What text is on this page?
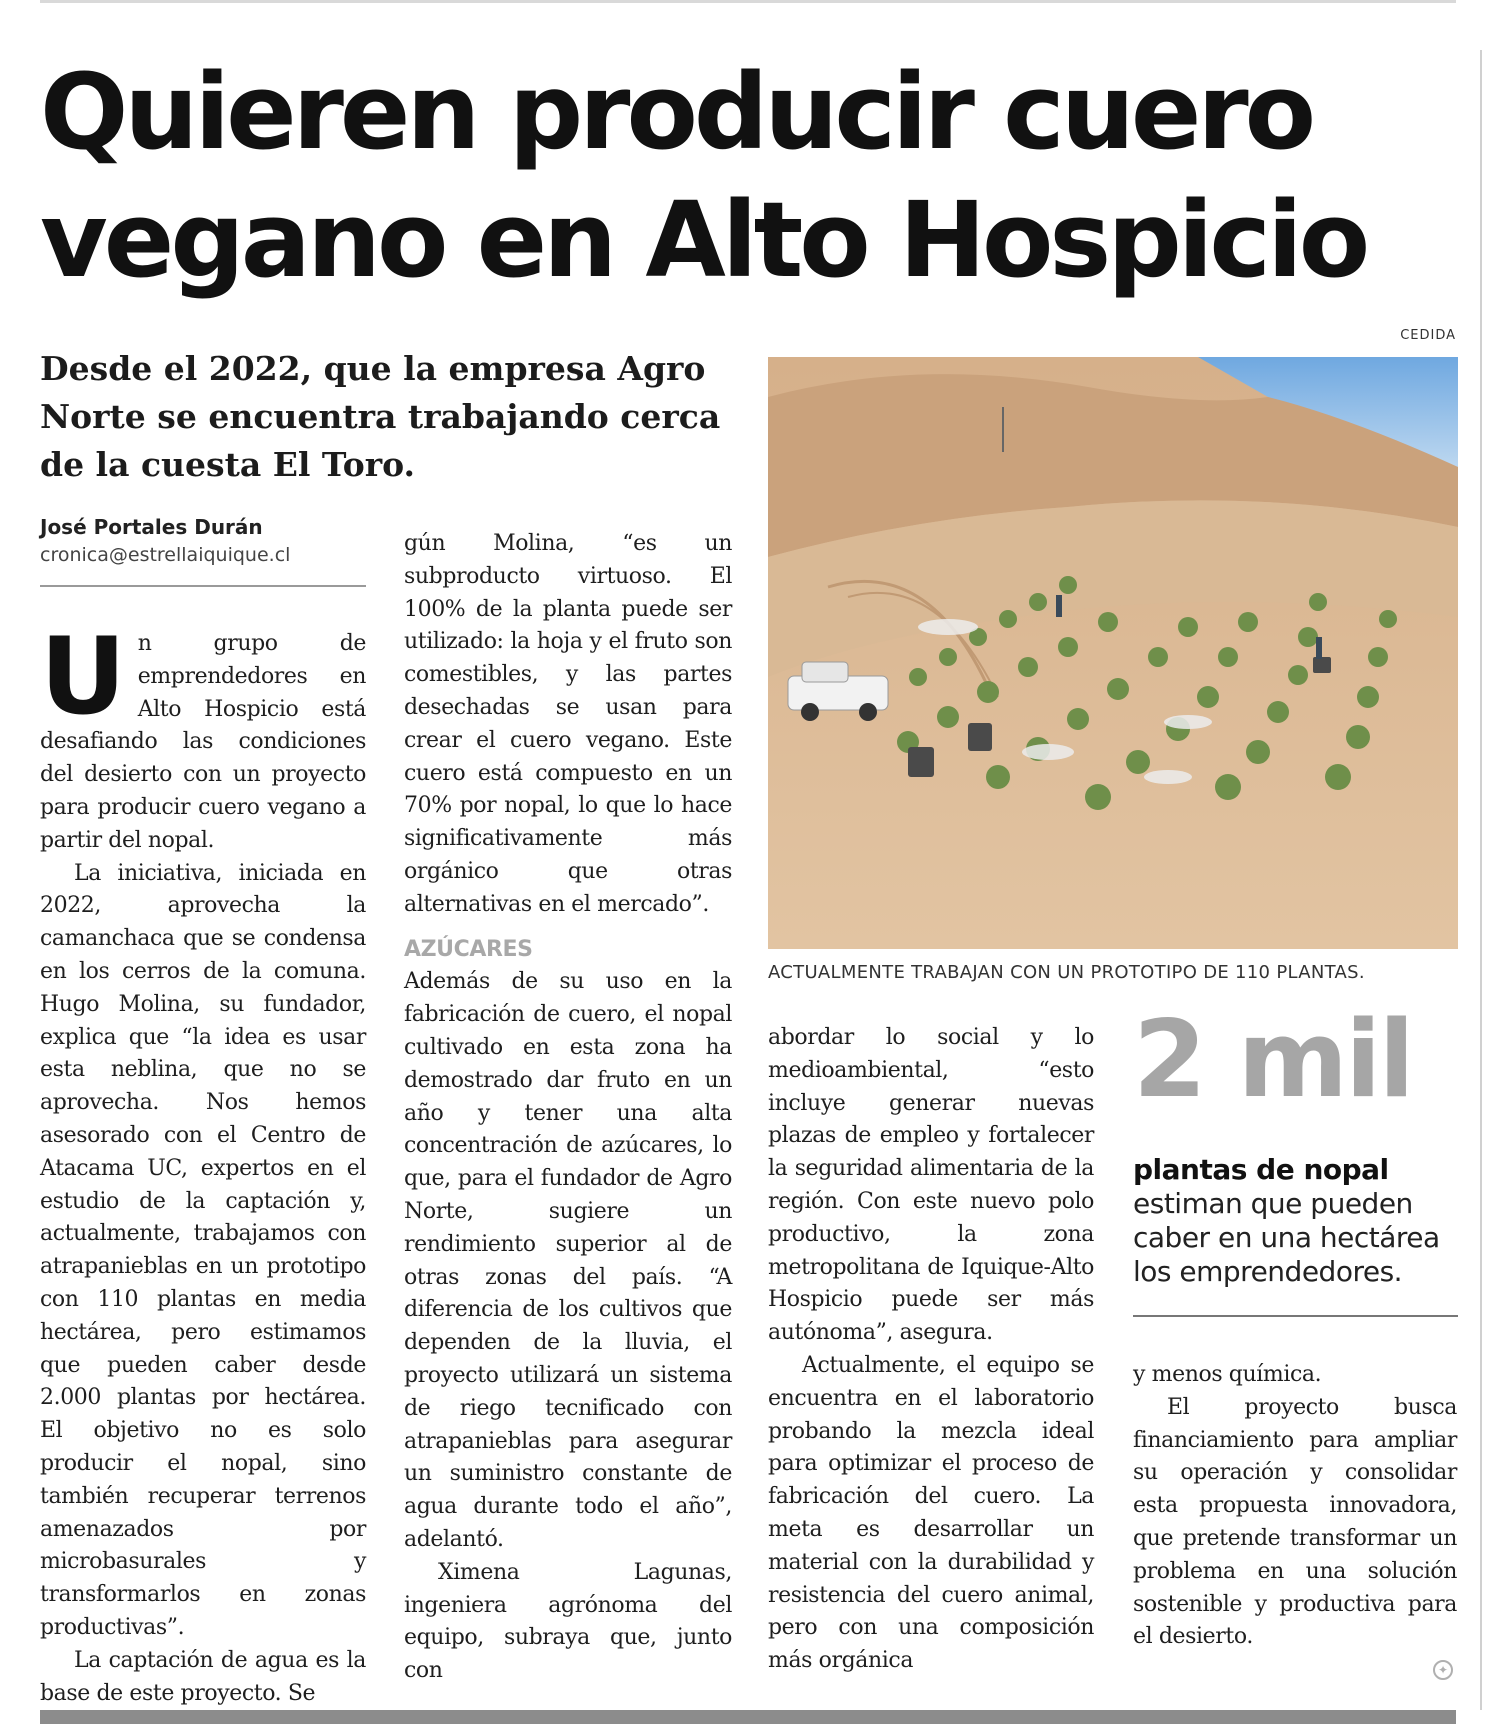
Quieren producir cuero vegano en Alto Hospicio
Desde el 2022, que la empresa Agro Norte se encuentra trabajando cerca de la cuesta El Toro.
José Portales Durán
cronica@estrellaiquique.cl

Un grupo de emprendedores en Alto Hospicio está desafiando las condiciones del desierto con un proyecto para producir cuero vegano a partir del nopal.

La iniciativa, iniciada en 2022, aprovecha la camanchaca que se condensa en los cerros de la comuna. Hugo Molina, su fundador, explica que “la idea es usar esta neblina, que no se aprovecha. Nos hemos asesorado con el Centro de Atacama UC, expertos en el estudio de la captación y, actualmente, trabajamos con atrapanieblas en un prototipo con 110 plantas en media hectárea, pero estimamos que pueden caber desde 2.000 plantas por hectárea. El objetivo no es solo producir el nopal, sino también recuperar terrenos amenazados por microbasurales y transformarlos en zonas productivas”.

La captación de agua es la base de este proyecto. Se

gún Molina, “es un subproducto virtuoso. El 100% de la planta puede ser utilizado: la hoja y el fruto son comestibles, y las partes desechadas se usan para crear el cuero vegano. Este cuero está compuesto en un 70% por nopal, lo que lo hace significativamente más orgánico que otras alternativas en el mercado”.

AZÚCARES

Además de su uso en la fabricación de cuero, el nopal cultivado en esta zona ha demostrado dar fruto en un año y tener una alta concentración de azúcares, lo que, para el fundador de Agro Norte, sugiere un rendimiento superior al de otras zonas del país. “A diferencia de los cultivos que dependen de la lluvia, el proyecto utilizará un sistema de riego tecnificado con atrapanieblas para asegurar un suministro constante de agua durante todo el año”, adelantó.

Ximena Lagunas, ingeniera agrónoma del equipo, subraya que, junto con

CEDIDA
ACTUALMENTE TRABAJAN CON UN PROTOTIPO DE 110 PLANTAS.
2 mil
plantas de nopal estiman que pueden caber en una hectárea los emprendedores.

abordar lo social y lo medioambiental, “esto incluye generar nuevas plazas de empleo y fortalecer la seguridad alimentaria de la región. Con este nuevo polo productivo, la zona metropolitana de Iquique-Alto Hospicio puede ser más autónoma”, asegura.

Actualmente, el equipo se encuentra en el laboratorio probando la mezcla ideal para optimizar el proceso de fabricación del cuero. La meta es desarrollar un material con la durabilidad y resistencia del cuero animal, pero con una composición más orgánica

y menos química.

El proyecto busca financiamiento para ampliar su operación y consolidar esta propuesta innovadora, que pretende transformar un problema en una solución sostenible y productiva para el desierto.

✦
